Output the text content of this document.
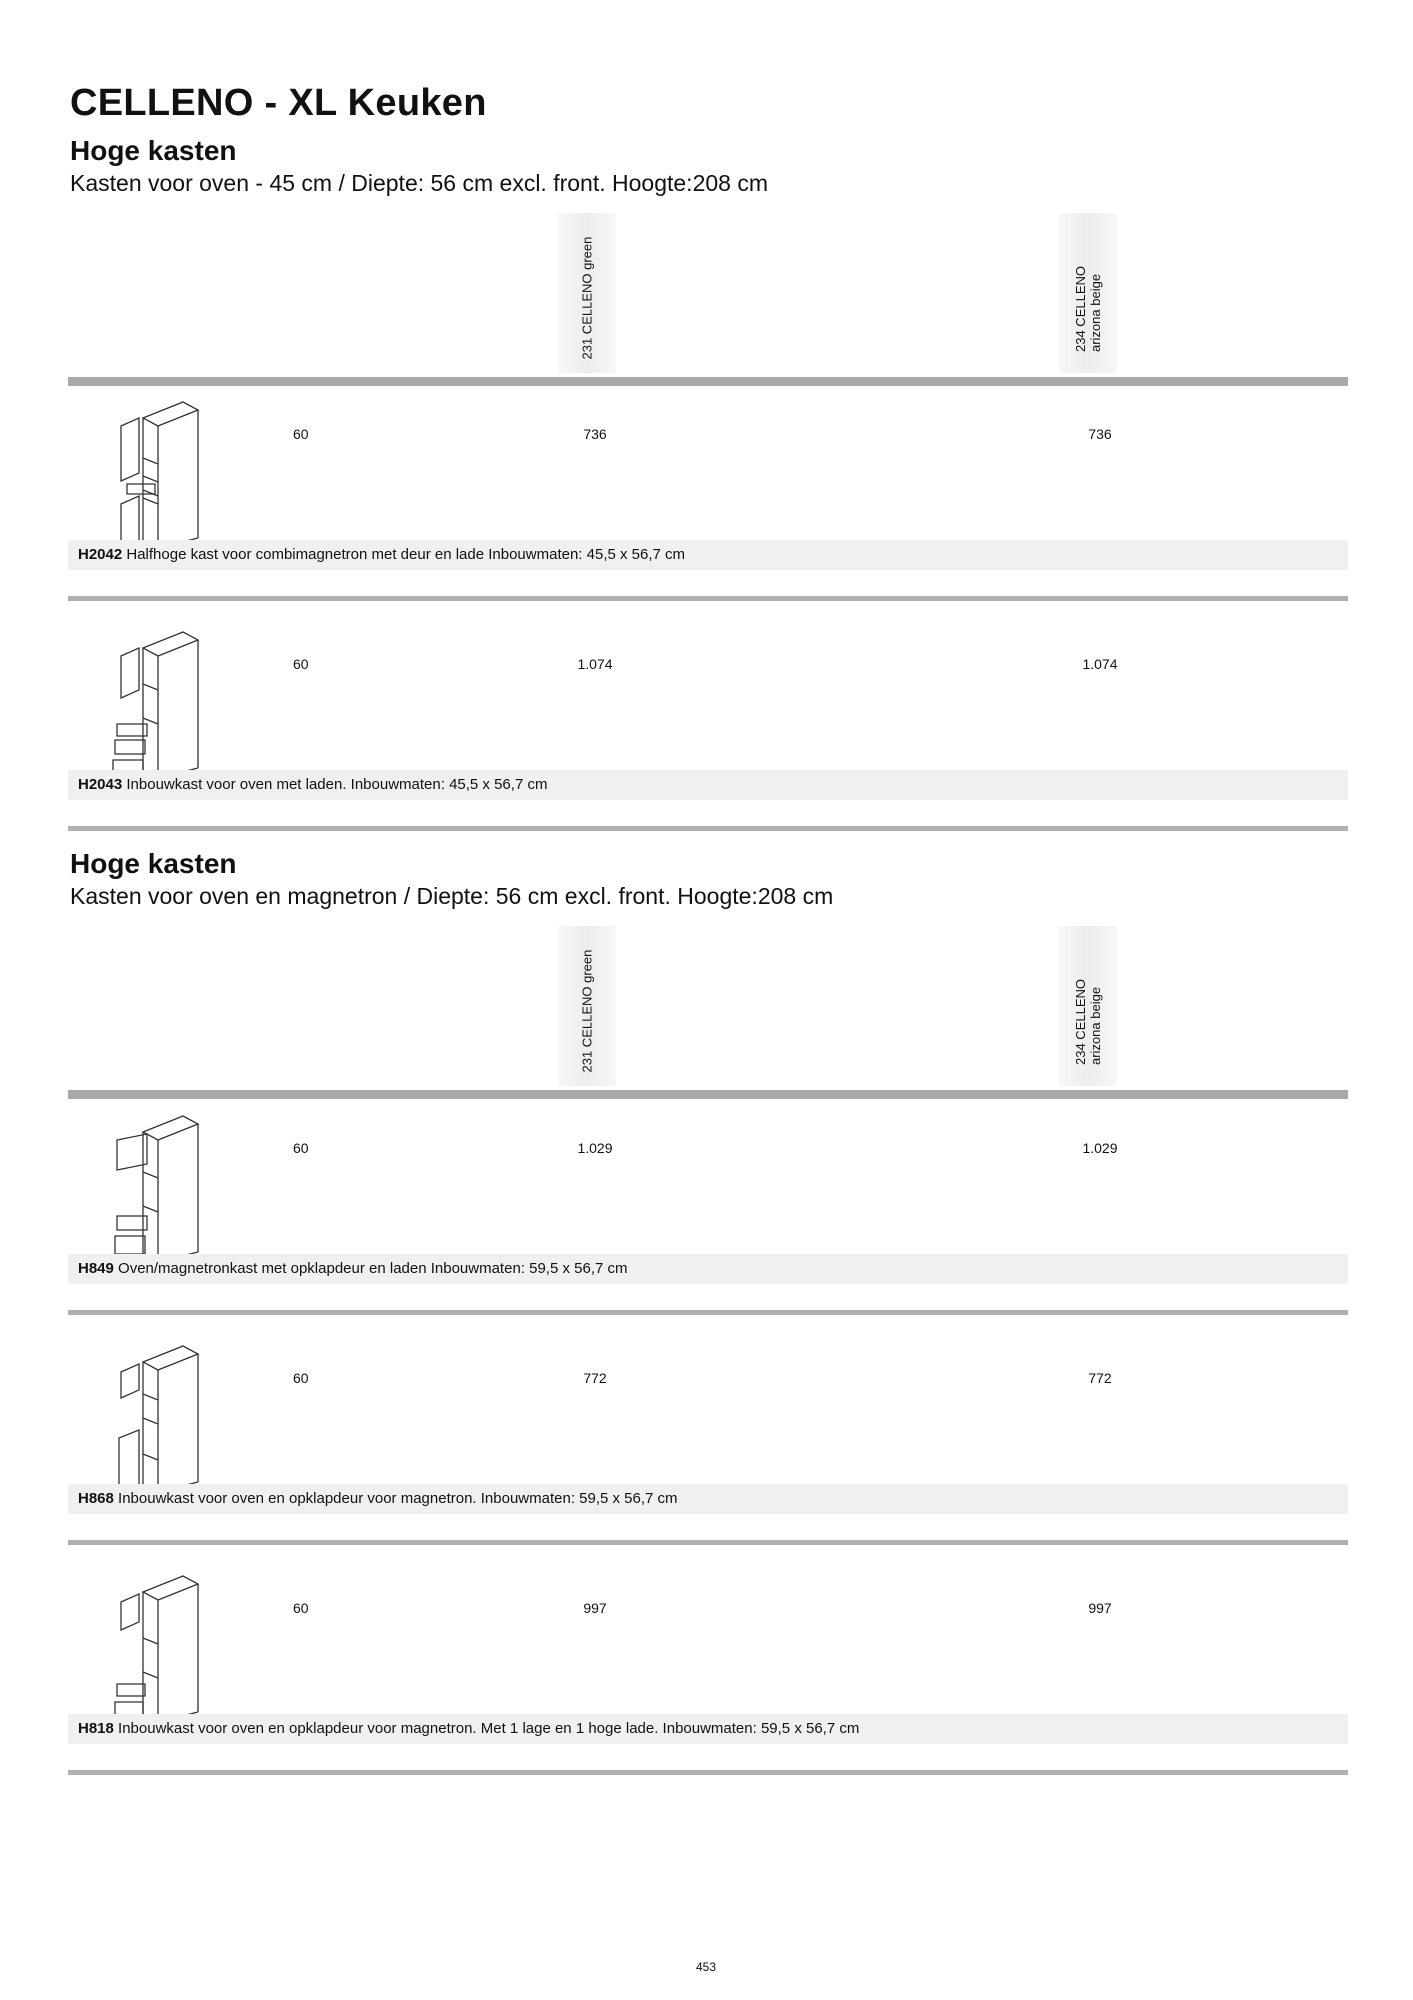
CELLENO - XL Keuken
Hoge kasten
Kasten voor oven - 45 cm / Diepte: 56 cm excl. front. Hoogte:208 cm
231 CELLENO green	234 CELLENO arizona beige
60	736	736
H2042 Halfhoge kast voor combimagnetron met deur en lade Inbouwmaten: 45,5 x 56,7 cm
60	1.074	1.074
H2043 Inbouwkast voor oven met laden. Inbouwmaten: 45,5 x 56,7 cm
Hoge kasten
Kasten voor oven en magnetron / Diepte: 56 cm excl. front. Hoogte:208 cm
231 CELLENO green	234 CELLENO arizona beige
60	1.029	1.029
H849 Oven/magnetronkast met opklapdeur en laden Inbouwmaten: 59,5 x 56,7 cm
60	772	772
H868 Inbouwkast voor oven en opklapdeur voor magnetron. Inbouwmaten: 59,5 x 56,7 cm
60	997	997
H818 Inbouwkast voor oven en opklapdeur voor magnetron. Met 1 lage en 1 hoge lade. Inbouwmaten: 59,5 x 56,7 cm
453
